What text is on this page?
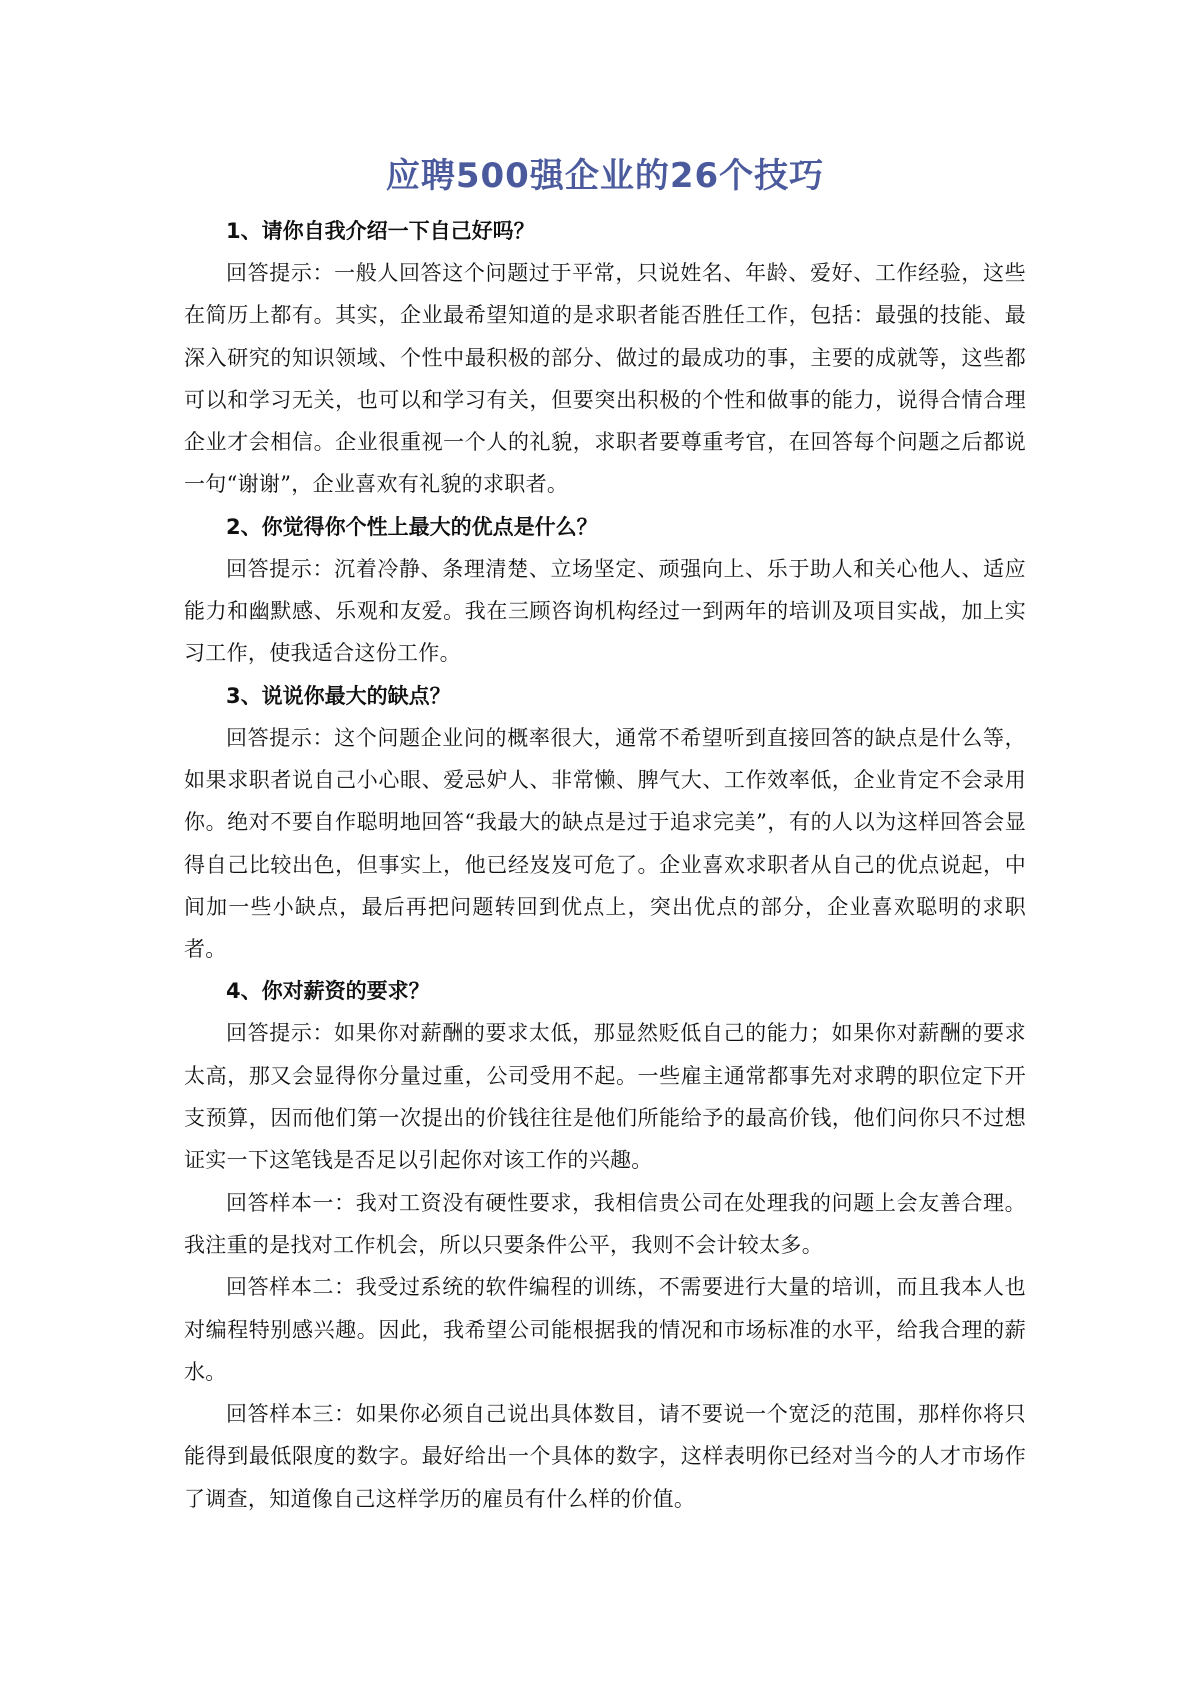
应聘500强企业的26个技巧

1、请你自我介绍一下自己好吗？

回答提示：一般人回答这个问题过于平常，只说姓名、年龄、爱好、工作经验，这些在简历上都有。其实，企业最希望知道的是求职者能否胜任工作，包括：最强的技能、最深入研究的知识领域、个性中最积极的部分、做过的最成功的事，主要的成就等，这些都可以和学习无关，也可以和学习有关，但要突出积极的个性和做事的能力，说得合情合理企业才会相信。企业很重视一个人的礼貌，求职者要尊重考官，在回答每个问题之后都说一句“谢谢”，企业喜欢有礼貌的求职者。

2、你觉得你个性上最大的优点是什么？

回答提示：沉着冷静、条理清楚、立场坚定、顽强向上、乐于助人和关心他人、适应能力和幽默感、乐观和友爱。我在三顾咨询机构经过一到两年的培训及项目实战，加上实习工作，使我适合这份工作。

3、说说你最大的缺点？

回答提示：这个问题企业问的概率很大，通常不希望听到直接回答的缺点是什么等，如果求职者说自己小心眼、爱忌妒人、非常懒、脾气大、工作效率低，企业肯定不会录用你。绝对不要自作聪明地回答“我最大的缺点是过于追求完美”，有的人以为这样回答会显得自己比较出色，但事实上，他已经岌岌可危了。企业喜欢求职者从自己的优点说起，中间加一些小缺点，最后再把问题转回到优点上，突出优点的部分，企业喜欢聪明的求职者。

4、你对薪资的要求？

回答提示：如果你对薪酬的要求太低，那显然贬低自己的能力；如果你对薪酬的要求太高，那又会显得你分量过重，公司受用不起。一些雇主通常都事先对求聘的职位定下开支预算，因而他们第一次提出的价钱往往是他们所能给予的最高价钱，他们问你只不过想证实一下这笔钱是否足以引起你对该工作的兴趣。

回答样本一：我对工资没有硬性要求，我相信贵公司在处理我的问题上会友善合理。我注重的是找对工作机会，所以只要条件公平，我则不会计较太多。

回答样本二：我受过系统的软件编程的训练，不需要进行大量的培训，而且我本人也对编程特别感兴趣。因此，我希望公司能根据我的情况和市场标准的水平，给我合理的薪水。

回答样本三：如果你必须自己说出具体数目，请不要说一个宽泛的范围，那样你将只能得到最低限度的数字。最好给出一个具体的数字，这样表明你已经对当今的人才市场作了调查，知道像自己这样学历的雇员有什么样的价值。
